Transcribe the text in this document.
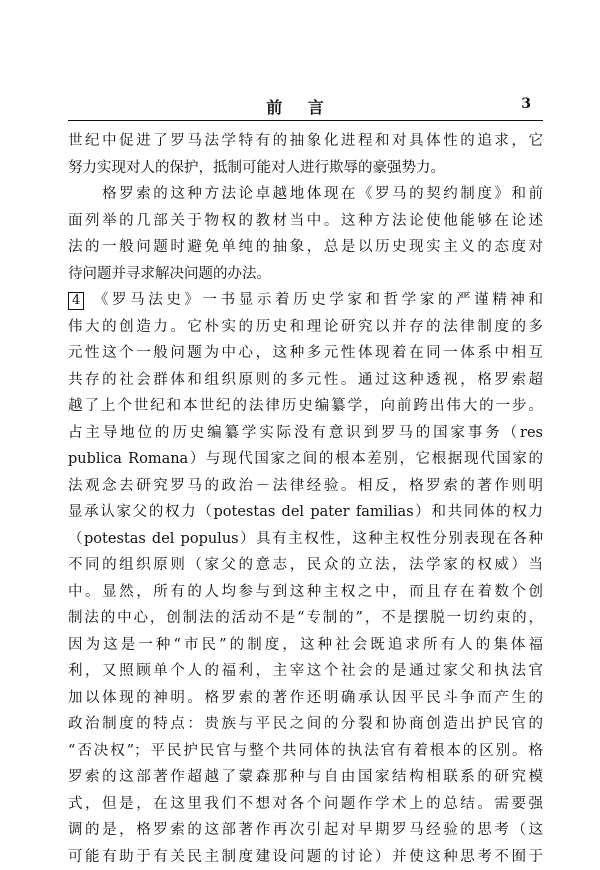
前 言	3
世纪中促进了罗马法学特有的抽象化进程和对具体性的追求，它
努力实现对人的保护，抵制可能对人进行欺辱的豪强势力。
　　格罗索的这种方法论卓越地体现在《罗马的契约制度》和前
面列举的几部关于物权的教材当中。这种方法论使他能够在论述
法的一般问题时避免单纯的抽象，总是以历史现实主义的态度对
待问题并寻求解决问题的办法。
4 《罗马法史》一书显示着历史学家和哲学家的严谨精神和
伟大的创造力。它朴实的历史和理论研究以并存的法律制度的多
元性这个一般问题为中心，这种多元性体现着在同一体系中相互
共存的社会群体和组织原则的多元性。通过这种透视，格罗索超
越了上个世纪和本世纪的法律历史编纂学，向前跨出伟大的一步。
占主导地位的历史编纂学实际没有意识到罗马的国家事务（res
publica Romana）与现代国家之间的根本差别，它根据现代国家的
法观念去研究罗马的政治－法律经验。相反，格罗索的著作则明
显承认家父的权力（potestas del pater familias）和共同体的权力
（potestas del populus）具有主权性，这种主权性分别表现在各种
不同的组织原则（家父的意志，民众的立法，法学家的权威）当
中。显然，所有的人均参与到这种主权之中，而且存在着数个创
制法的中心，创制法的活动不是“专制的”，不是摆脱一切约束的，
因为这是一种“市民”的制度，这种社会既追求所有人的集体福
利，又照顾单个人的福利，主宰这个社会的是通过家父和执法官
加以体现的神明。格罗索的著作还明确承认因平民斗争而产生的
政治制度的特点：贵族与平民之间的分裂和协商创造出护民官的
“否决权”；平民护民官与整个共同体的执法官有着根本的区别。格
罗索的这部著作超越了蒙森那种与自由国家结构相联系的研究模
式，但是，在这里我们不想对各个问题作学术上的总结。需要强
调的是，格罗索的这部著作再次引起对早期罗马经验的思考（这
可能有助于有关民主制度建设问题的讨论）并使这种思考不囿于
